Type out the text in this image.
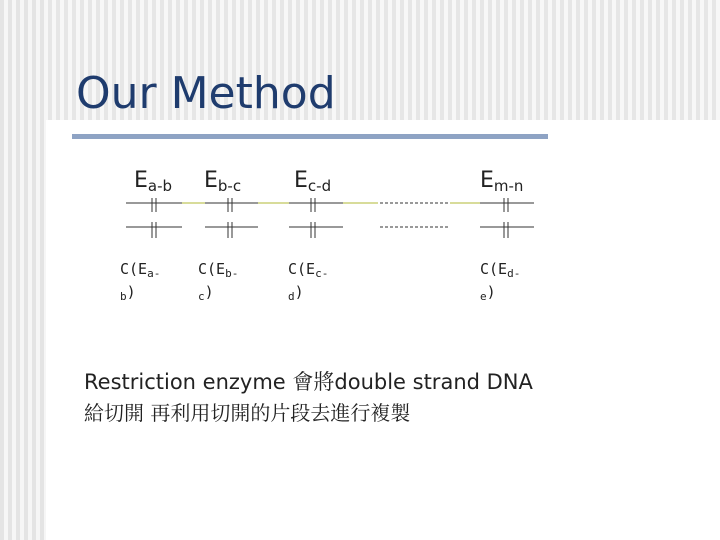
Our Method
$E_{a-b}$ $E_{b-c}$ $E_{c-d}$	$E_{m-n}$
$C(E_{a-}$
$_b$)
$C(E_{b-}$
$_c$)
$C(E_{c-}$
$_d$)
$C(E_{d-}$
$_e$)
Restriction enzyme 會將double strand DNA
給切開 再利用切開的片段去進行複製
